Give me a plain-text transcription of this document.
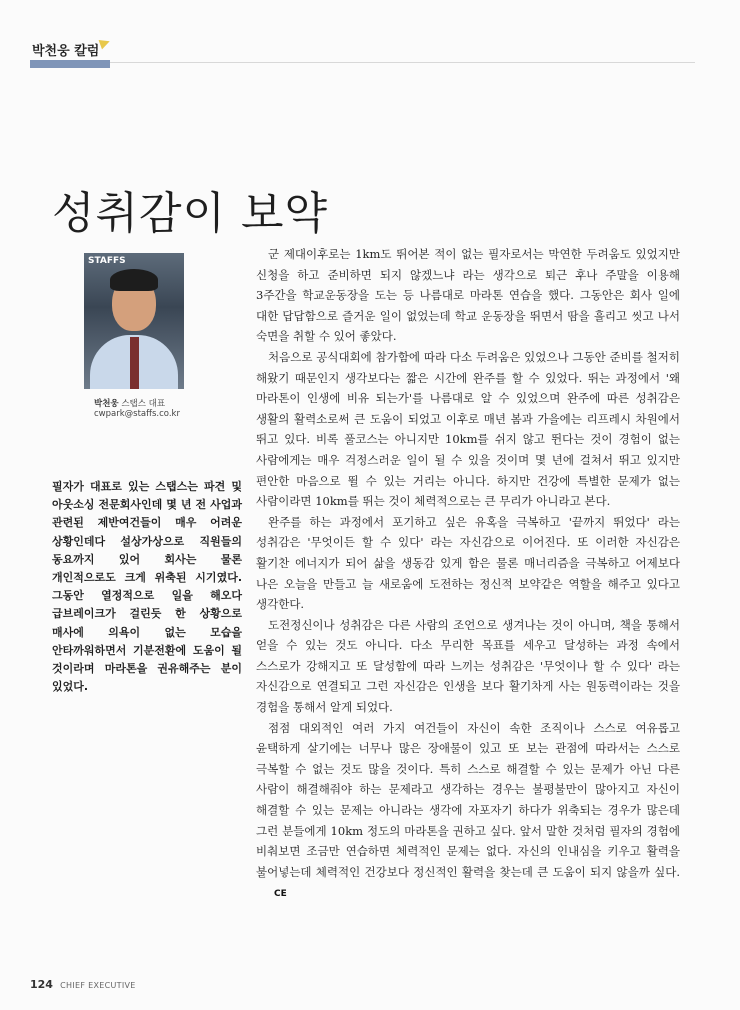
박천웅 칼럼
성취감이 보약
STAFFS
박천웅 스탭스 대표
cwpark@staffs.co.kr
필자가 대표로 있는 스탭스는 파견 및 아웃소싱 전문회사인데 몇 년 전 사업과 관련된 제반여건들이 매우 어려운 상황인데다 설상가상으로 직원들의 동요까지 있어 회사는 물론 개인적으로도 크게 위축된 시기였다. 그동안 열정적으로 일을 해오다 급브레이크가 걸린듯 한 상황으로 매사에 의욕이 없는 모습을 안타까워하면서 기분전환에 도움이 될 것이라며 마라톤을 권유해주는 분이 있었다.

군 제대이후로는 1km도 뛰어본 적이 없는 필자로서는 막연한 두려움도 있었지만 신청을 하고 준비하면 되지 않겠느냐 라는 생각으로 퇴근 후나 주말을 이용해 3주간을 학교운동장을 도는 등 나름대로 마라톤 연습을 했다. 그동안은 회사 일에 대한 답답함으로 즐거운 일이 없었는데 학교 운동장을 뛰면서 땀을 흘리고 씻고 나서 숙면을 취할 수 있어 좋았다.

처음으로 공식대회에 참가함에 따라 다소 두려움은 있었으나 그동안 준비를 철저히 해왔기 때문인지 생각보다는 짧은 시간에 완주를 할 수 있었다. 뛰는 과정에서 '왜 마라톤이 인생에 비유 되는가'를 나름대로 알 수 있었으며 완주에 따른 성취감은 생활의 활력소로써 큰 도움이 되었고 이후로 매년 봄과 가을에는 리프레시 차원에서 뛰고 있다. 비록 풀코스는 아니지만 10km를 쉬지 않고 뛴다는 것이 경험이 없는 사람에게는 매우 걱정스러운 일이 될 수 있을 것이며 몇 년에 걸쳐서 뛰고 있지만 편안한 마음으로 뛸 수 있는 거리는 아니다. 하지만 건강에 특별한 문제가 없는 사람이라면 10km를 뛰는 것이 체력적으로는 큰 무리가 아니라고 본다.

완주를 하는 과정에서 포기하고 싶은 유혹을 극복하고 '끝까지 뛰었다' 라는 성취감은 '무엇이든 할 수 있다' 라는 자신감으로 이어진다. 또 이러한 자신감은 활기찬 에너지가 되어 삶을 생동감 있게 함은 물론 매너리즘을 극복하고 어제보다 나은 오늘을 만들고 늘 새로움에 도전하는 정신적 보약같은 역할을 해주고 있다고 생각한다.

도전정신이나 성취감은 다른 사람의 조언으로 생겨나는 것이 아니며, 책을 통해서 얻을 수 있는 것도 아니다. 다소 무리한 목표를 세우고 달성하는 과정 속에서 스스로가 강해지고 또 달성함에 따라 느끼는 성취감은 '무엇이나 할 수 있다' 라는 자신감으로 연결되고 그런 자신감은 인생을 보다 활기차게 사는 원동력이라는 것을 경험을 통해서 알게 되었다.

점점 대외적인 여러 가지 여건들이 자신이 속한 조직이나 스스로 여유롭고 윤택하게 살기에는 너무나 많은 장애물이 있고 또 보는 관점에 따라서는 스스로 극복할 수 없는 것도 많을 것이다. 특히 스스로 해결할 수 있는 문제가 아닌 다른 사람이 해결해줘야 하는 문제라고 생각하는 경우는 불평불만이 많아지고 자신이 해결할 수 있는 문제는 아니라는 생각에 자포자기 하다가 위축되는 경우가 많은데 그런 분들에게 10km 정도의 마라톤을 권하고 싶다. 앞서 말한 것처럼 필자의 경험에 비춰보면 조금만 연습하면 체력적인 문제는 없다. 자신의 인내심을 키우고 활력을 불어넣는데 체력적인 건강보다 정신적인 활력을 찾는데 큰 도움이 되지 않을까 싶다.CE

124 CHIEF EXECUTIVE
